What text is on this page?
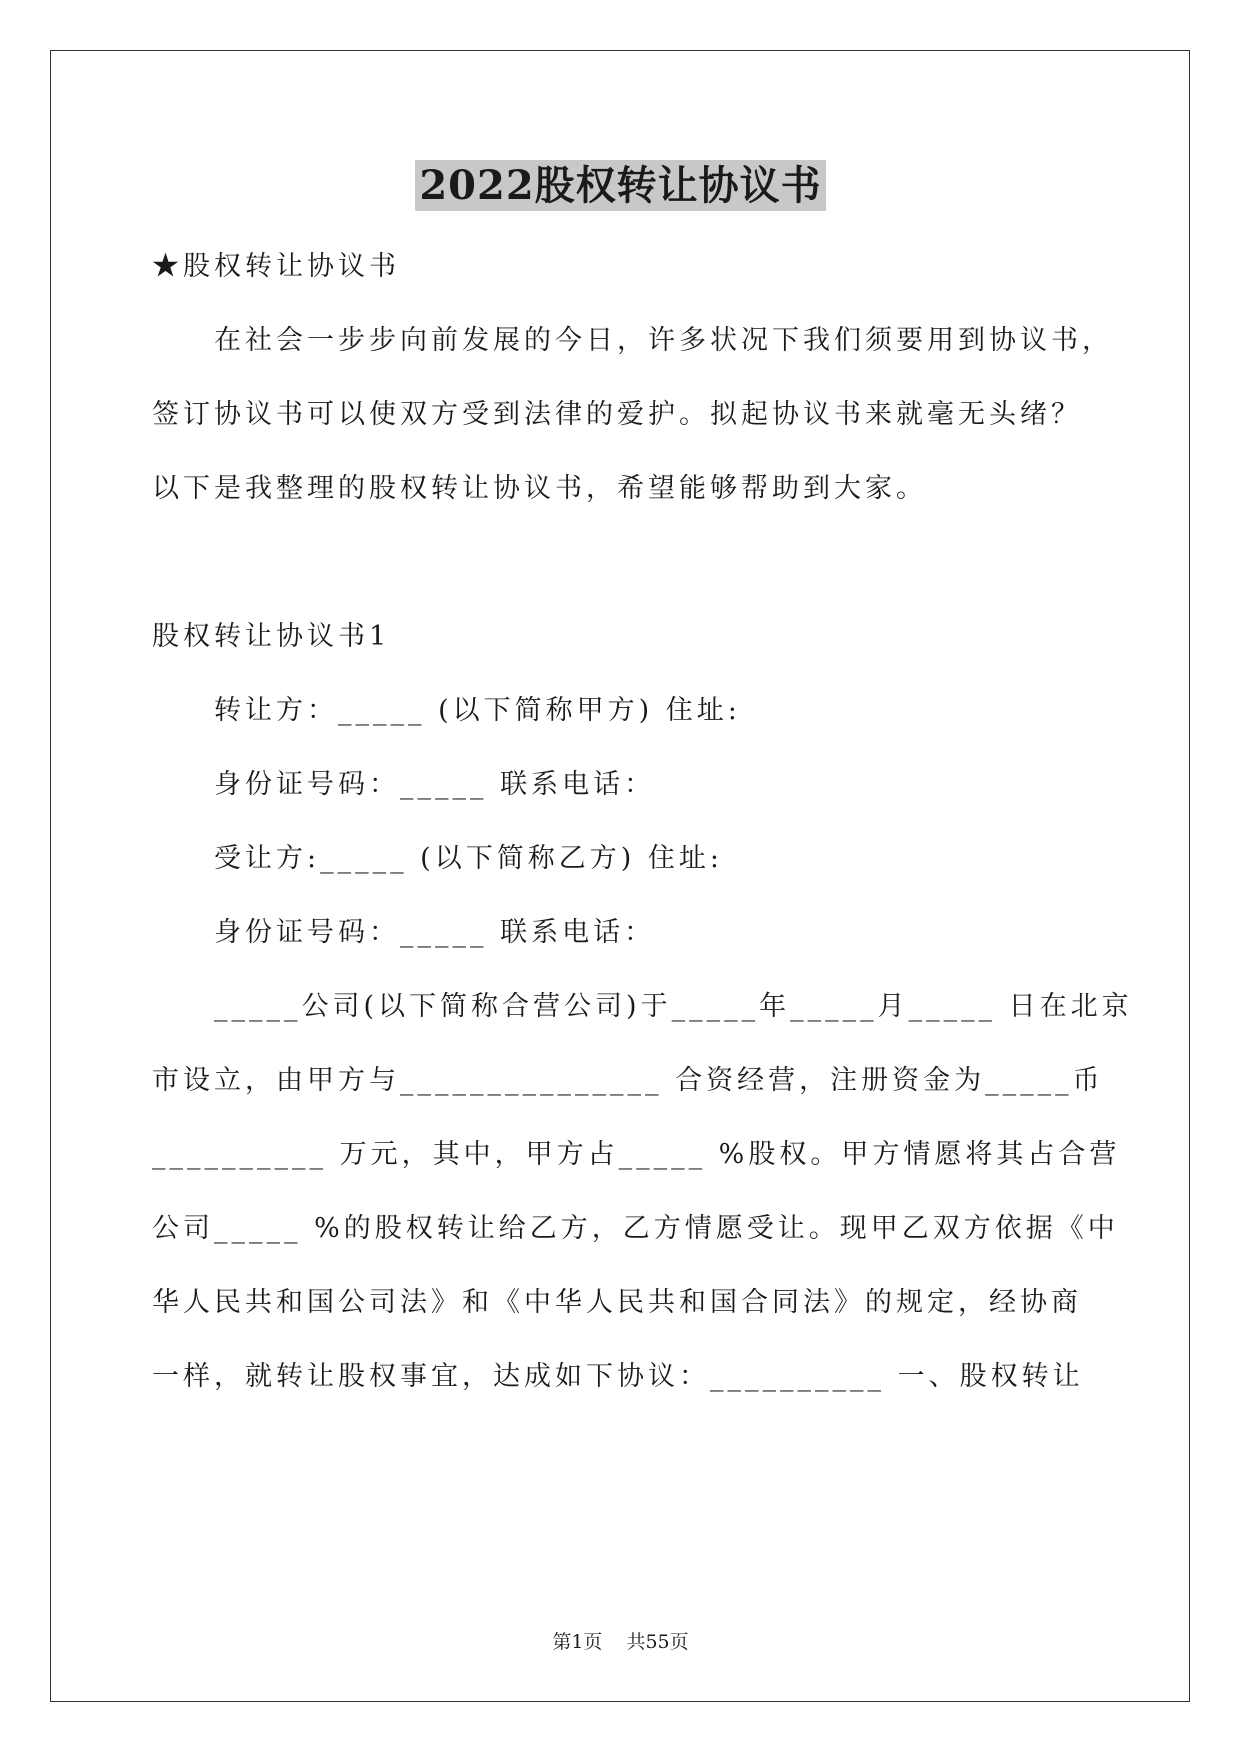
2022股权转让协议书
★股权转让协议书
在社会一步步向前发展的今日，许多状况下我们须要用到协议书，
签订协议书可以使双方受到法律的爱护。拟起协议书来就毫无头绪？
以下是我整理的股权转让协议书，希望能够帮助到大家。
股权转让协议书1
转让方：_____ (以下简称甲方) 住址:
身份证号码：_____ 联系电话：
受让方:_____ (以下简称乙方) 住址:
身份证号码：_____ 联系电话：
_____公司(以下简称合营公司)于_____年_____月_____ 日在北京
市设立，由甲方与_______________ 合资经营，注册资金为_____币
__________ 万元，其中，甲方占_____ %股权。甲方情愿将其占合营
公司_____ %的股权转让给乙方，乙方情愿受让。现甲乙双方依据《中
华人民共和国公司法》和《中华人民共和国合同法》的规定，经协商
一样，就转让股权事宜，达成如下协议：__________ 一、股权转让
第1页 共55页
